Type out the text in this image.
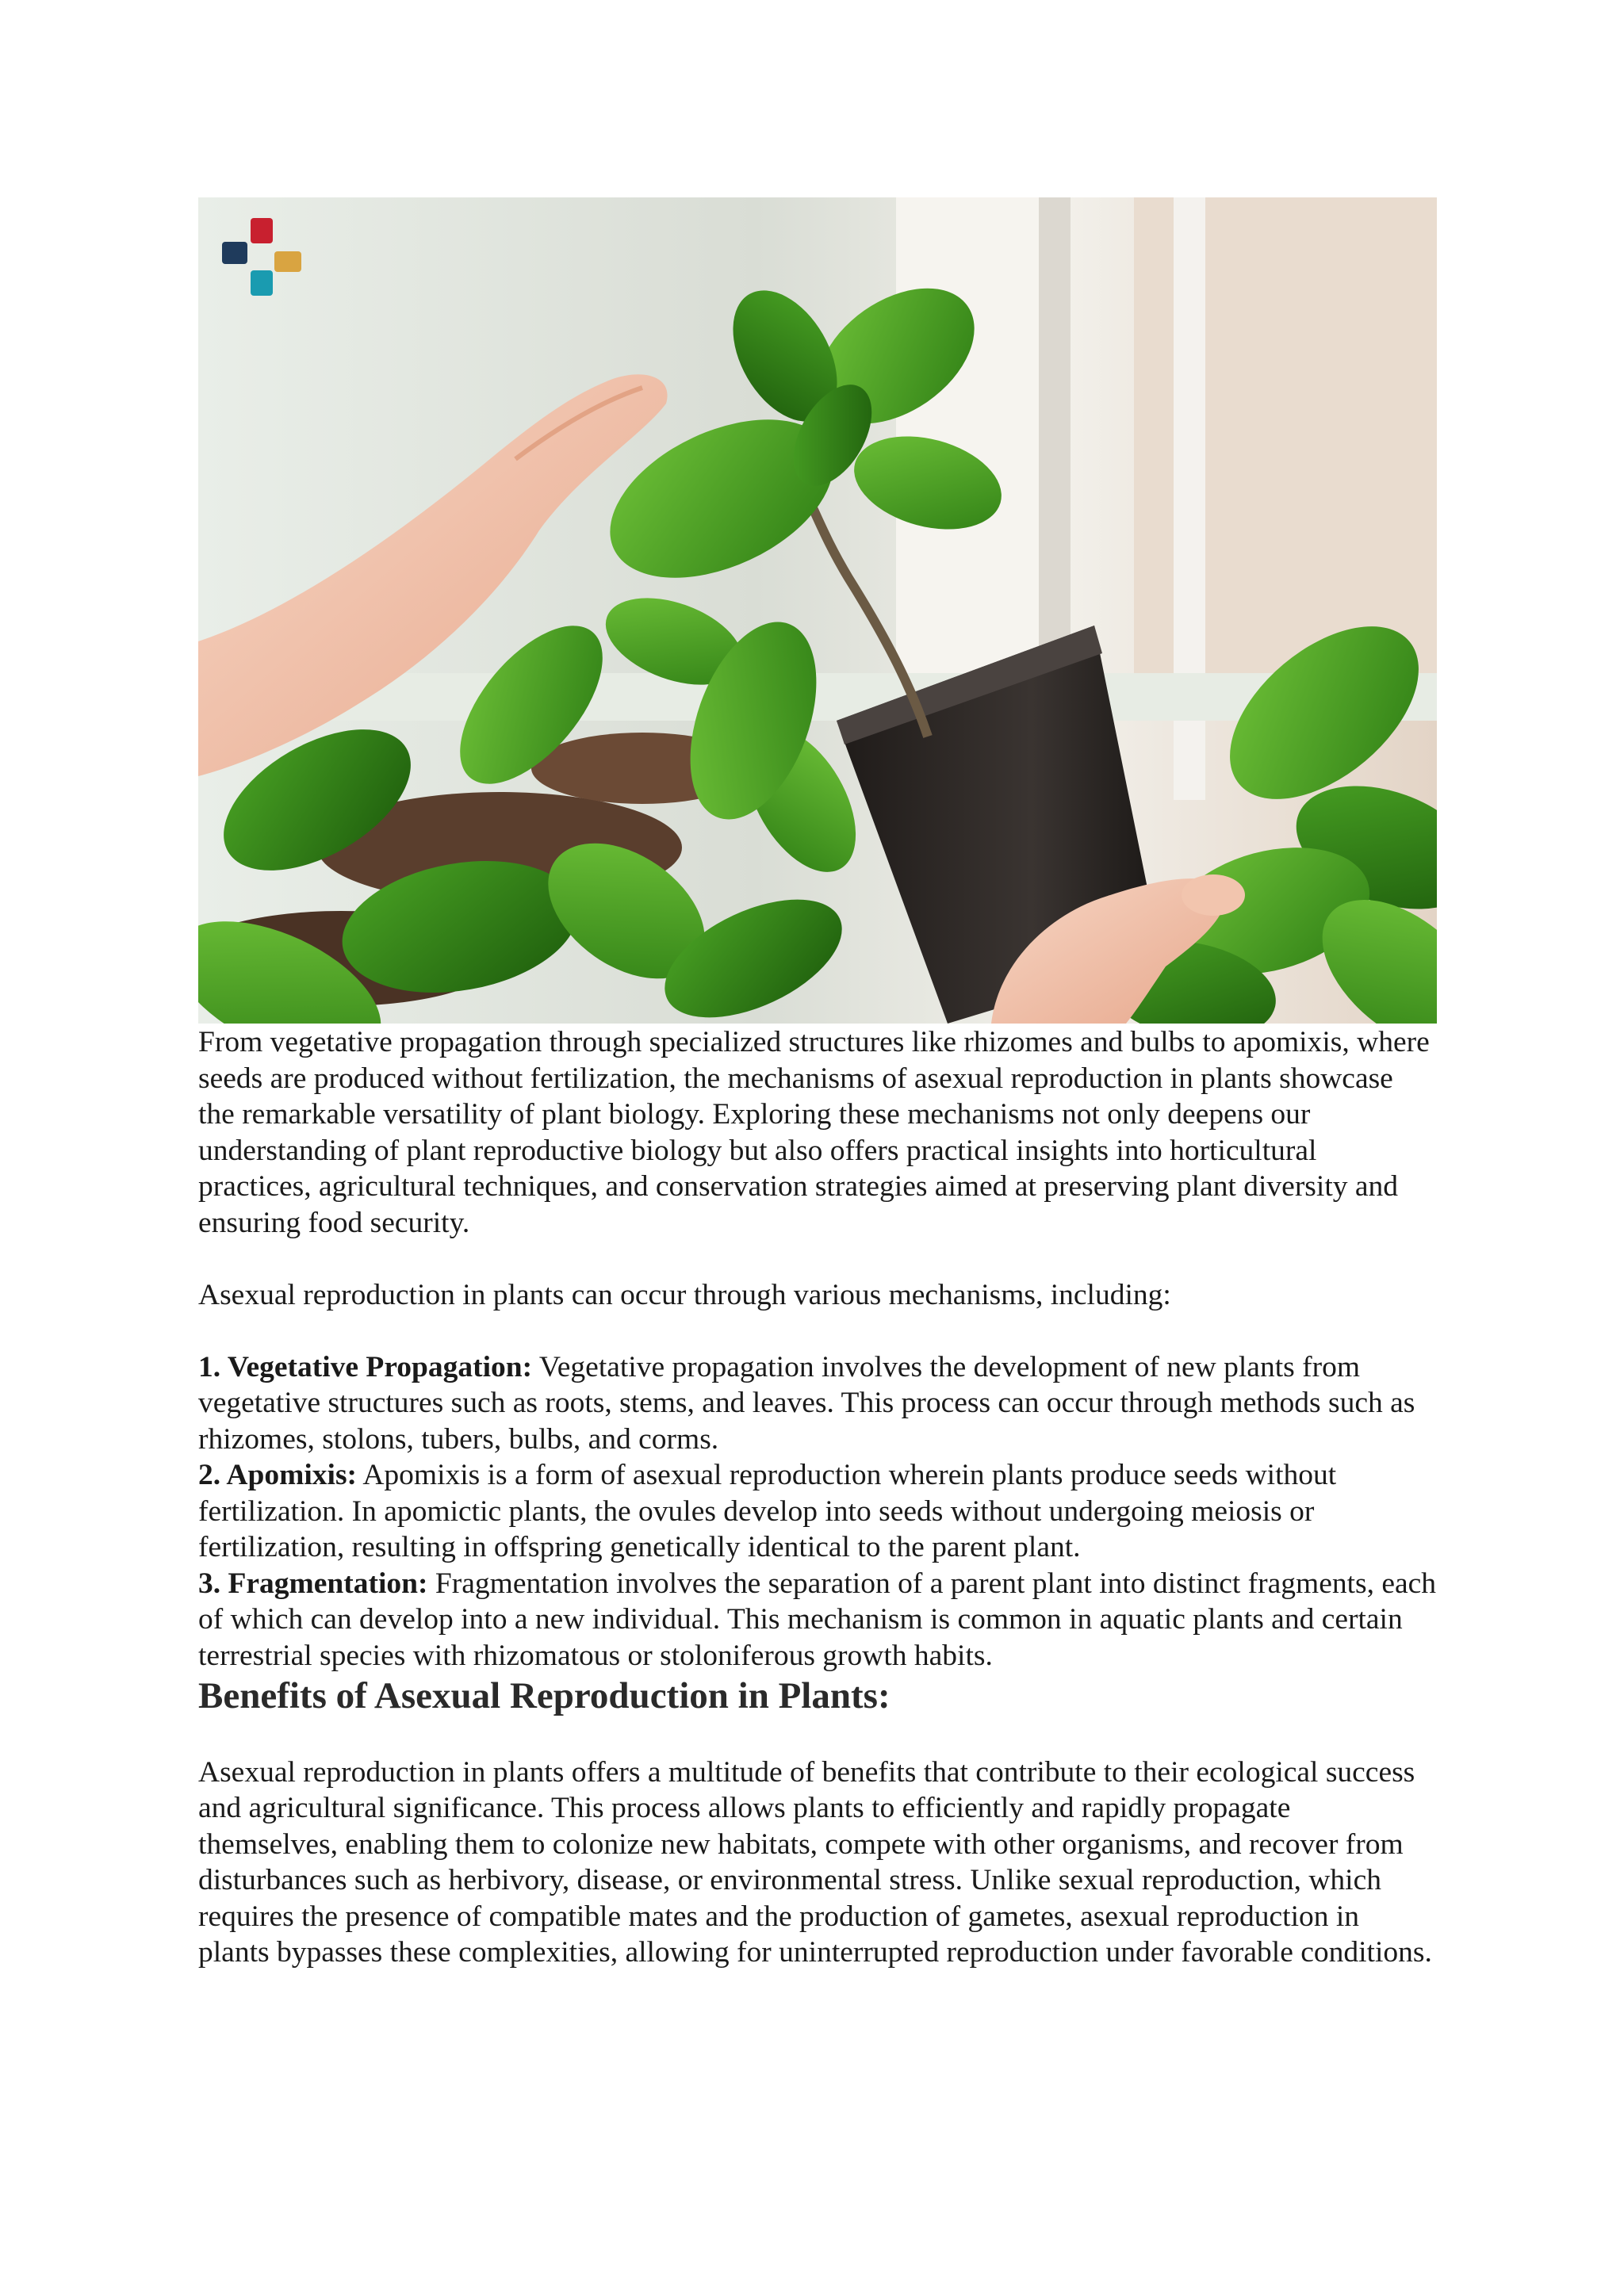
From vegetative propagation through specialized structures like rhizomes and bulbs to apomixis, where seeds are produced without fertilization, the mechanisms of asexual reproduction in plants showcase the remarkable versatility of plant biology. Exploring these mechanisms not only deepens our understanding of plant reproductive biology but also offers practical insights into horticultural practices, agricultural techniques, and conservation strategies aimed at preserving plant diversity and ensuring food security.

Asexual reproduction in plants can occur through various mechanisms, including:

1. Vegetative Propagation: Vegetative propagation involves the development of new plants from vegetative structures such as roots, stems, and leaves. This process can occur through methods such as rhizomes, stolons, tubers, bulbs, and corms.

2. Apomixis: Apomixis is a form of asexual reproduction wherein plants produce seeds without fertilization. In apomictic plants, the ovules develop into seeds without undergoing meiosis or fertilization, resulting in offspring genetically identical to the parent plant.

3. Fragmentation: Fragmentation involves the separation of a parent plant into distinct fragments, each of which can develop into a new individual. This mechanism is common in aquatic plants and certain terrestrial species with rhizomatous or stoloniferous growth habits.

Benefits of Asexual Reproduction in Plants:

Asexual reproduction in plants offers a multitude of benefits that contribute to their ecological success and agricultural significance. This process allows plants to efficiently and rapidly propagate themselves, enabling them to colonize new habitats, compete with other organisms, and recover from disturbances such as herbivory, disease, or environmental stress. Unlike sexual reproduction, which requires the presence of compatible mates and the production of gametes, asexual reproduction in plants bypasses these complexities, allowing for uninterrupted reproduction under favorable conditions.
